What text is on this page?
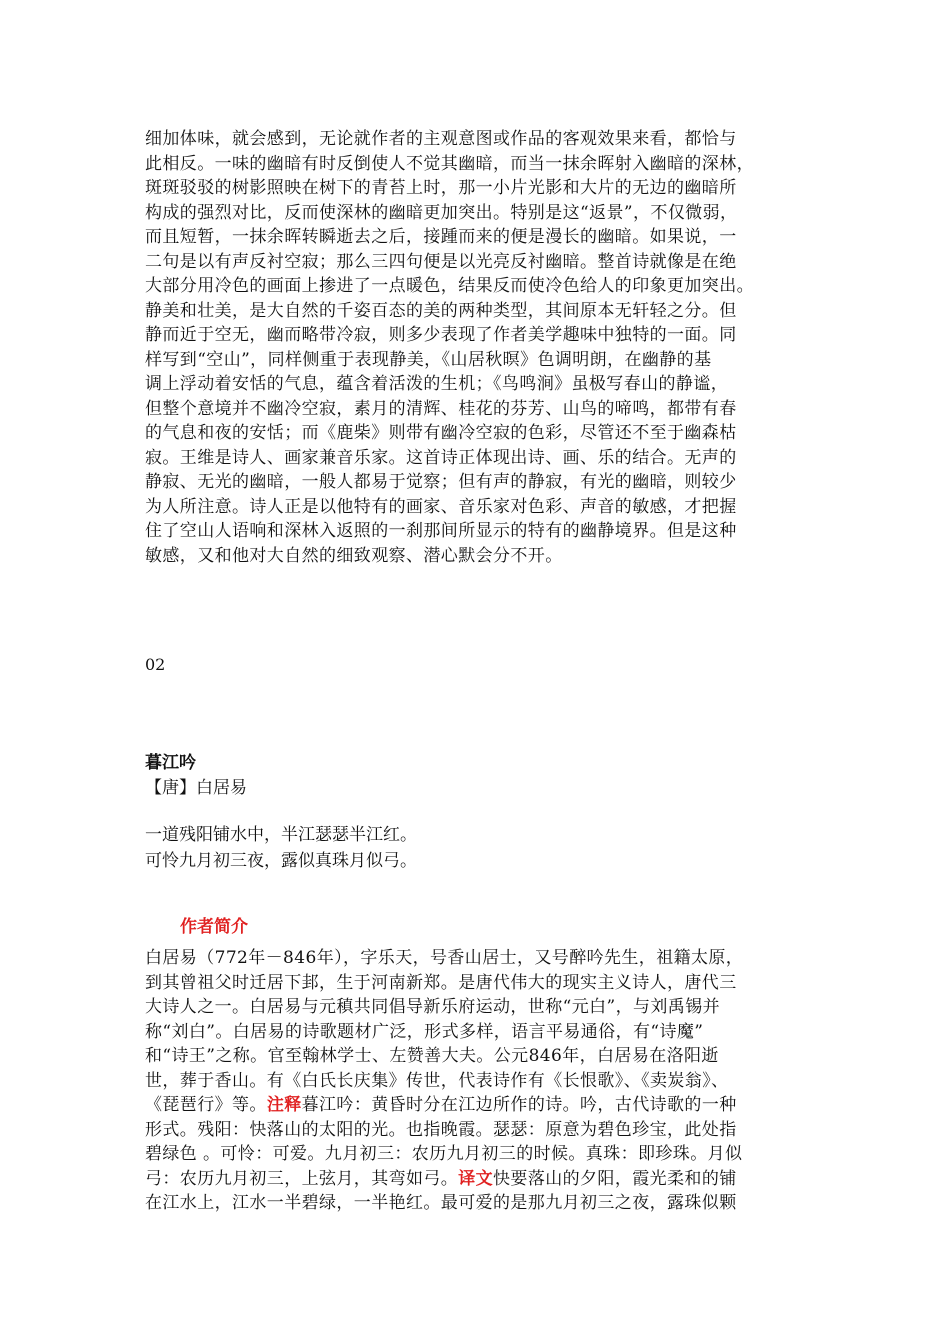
细加体味，就会感到，无论就作者的主观意图或作品的客观效果来看，都恰与
此相反。一味的幽暗有时反倒使人不觉其幽暗，而当一抹余晖射入幽暗的深林，
斑斑驳驳的树影照映在树下的青苔上时，那一小片光影和大片的无边的幽暗所
构成的强烈对比，反而使深林的幽暗更加突出。特别是这“返景”，不仅微弱，
而且短暂，一抹余晖转瞬逝去之后，接踵而来的便是漫长的幽暗。如果说，一
二句是以有声反衬空寂；那么三四句便是以光亮反衬幽暗。整首诗就像是在绝
大部分用冷色的画面上掺进了一点暖色，结果反而使冷色给人的印象更加突出。
静美和壮美，是大自然的千姿百态的美的两种类型，其间原本无轩轻之分。但
静而近于空无，幽而略带冷寂，则多少表现了作者美学趣味中独特的一面。同
样写到“空山”，同样侧重于表现静美，《山居秋暝》色调明朗，在幽静的基
调上浮动着安恬的气息，蕴含着活泼的生机；《鸟鸣涧》虽极写春山的静谧，
但整个意境并不幽冷空寂，素月的清辉、桂花的芬芳、山鸟的啼鸣，都带有春
的气息和夜的安恬；而《鹿柴》则带有幽冷空寂的色彩，尽管还不至于幽森枯
寂。王维是诗人、画家兼音乐家。这首诗正体现出诗、画、乐的结合。无声的
静寂、无光的幽暗，一般人都易于觉察；但有声的静寂，有光的幽暗，则较少
为人所注意。诗人正是以他特有的画家、音乐家对色彩、声音的敏感，才把握
住了空山人语响和深林入返照的一刹那间所显示的特有的幽静境界。但是这种
敏感，又和他对大自然的细致观察、潜心默会分不开。

02
暮江吟
【唐】白居易
一道残阳铺水中，半江瑟瑟半江红。
可怜九月初三夜，露似真珠月似弓。
作者简介

白居易（772年－846年），字乐天，号香山居士，又号醉吟先生，祖籍太原，
到其曾祖父时迁居下邽，生于河南新郑。是唐代伟大的现实主义诗人，唐代三
大诗人之一。白居易与元稹共同倡导新乐府运动，世称“元白”，与刘禹锡并
称“刘白”。白居易的诗歌题材广泛，形式多样，语言平易通俗，有“诗魔”
和“诗王”之称。官至翰林学士、左赞善大夫。公元846年，白居易在洛阳逝
世，葬于香山。有《白氏长庆集》传世，代表诗作有《长恨歌》、《卖炭翁》、
《琵琶行》等。注释暮江吟：黄昏时分在江边所作的诗。吟，古代诗歌的一种
形式。残阳：快落山的太阳的光。也指晚霞。瑟瑟：原意为碧色珍宝，此处指
碧绿色 。可怜：可爱。九月初三：农历九月初三的时候。真珠：即珍珠。月似
弓：农历九月初三，上弦月，其弯如弓。译文快要落山的夕阳，霞光柔和的铺
在江水上，江水一半碧绿，一半艳红。最可爱的是那九月初三之夜，露珠似颗
